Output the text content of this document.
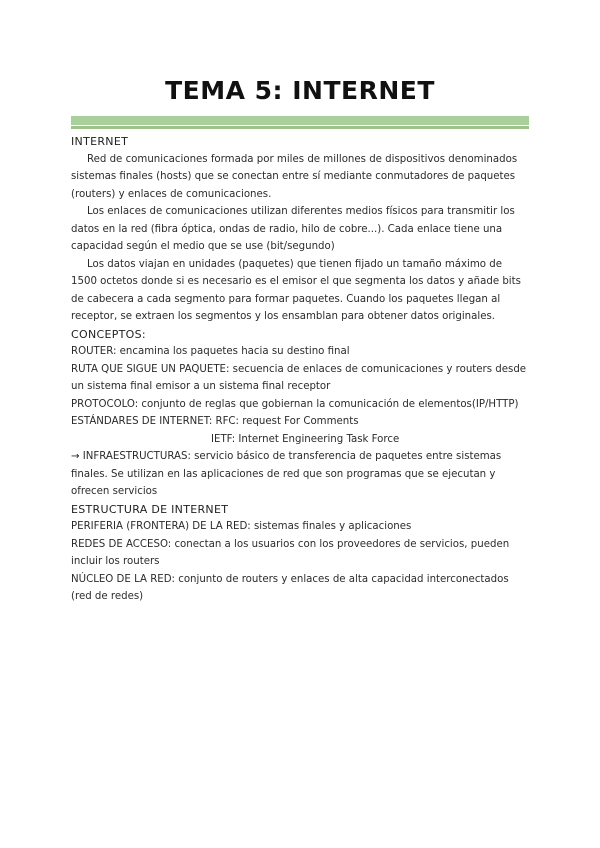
TEMA 5: INTERNET

INTERNET

Red de comunicaciones formada por miles de millones de dispositivos denominados sistemas finales (hosts) que se conectan entre sí mediante conmutadores de paquetes (routers) y enlaces de comunicaciones.

Los enlaces de comunicaciones utilizan diferentes medios físicos para transmitir los datos en la red (fibra óptica, ondas de radio, hilo de cobre...). Cada enlace tiene una capacidad según el medio que se use (bit/segundo)

Los datos viajan en unidades (paquetes) que tienen fijado un tamaño máximo de 1500 octetos donde si es necesario es el emisor el que segmenta los datos y añade bits de cabecera a cada segmento para formar paquetes. Cuando los paquetes llegan al receptor, se extraen los segmentos y los ensamblan para obtener datos originales.

CONCEPTOS:

ROUTER: encamina los paquetes hacia su destino final

RUTA QUE SIGUE UN PAQUETE: secuencia de enlaces de comunicaciones y routers desde un sistema final emisor a un sistema final receptor

PROTOCOLO: conjunto de reglas que gobiernan la comunicación de elementos(IP/HTTP)

ESTÁNDARES DE INTERNET: RFC: request For Comments

IETF: Internet Engineering Task Force

→ INFRAESTRUCTURAS: servicio básico de transferencia de paquetes entre sistemas finales. Se utilizan en las aplicaciones de red que son programas que se ejecutan y ofrecen servicios

ESTRUCTURA DE INTERNET

PERIFERIA (FRONTERA) DE LA RED: sistemas finales y aplicaciones

REDES DE ACCESO: conectan a los usuarios con los proveedores de servicios, pueden incluir los routers

NÚCLEO DE LA RED: conjunto de routers y enlaces de alta capacidad interconectados (red de redes)
